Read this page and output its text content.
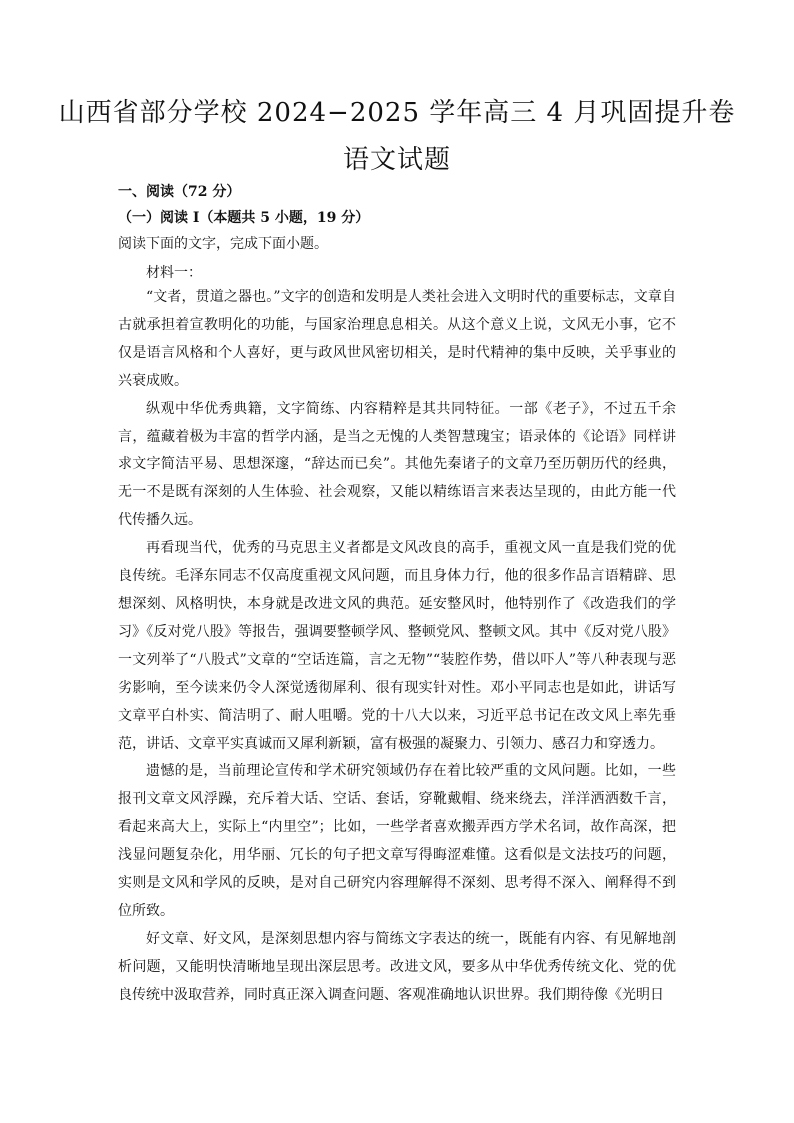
山西省部分学校 2024−2025 学年高三 4 月巩固提升卷
语文试题
一、阅读（72 分）
（一）阅读 I（本题共 5 小题，19 分）
阅读下面的文字，完成下面小题。
材料一：

“文者，贯道之器也。”文字的创造和发明是人类社会进入文明时代的重要标志，文章自古就承担着宣教明化的功能，与国家治理息息相关。从这个意义上说，文风无小事，它不仅是语言风格和个人喜好，更与政风世风密切相关，是时代精神的集中反映，关乎事业的兴衰成败。

纵观中华优秀典籍，文字简练、内容精粹是其共同特征。一部《老子》，不过五千余言，蕴藏着极为丰富的哲学内涵，是当之无愧的人类智慧瑰宝；语录体的《论语》同样讲求文字简洁平易、思想深邃，“辞达而已矣”。其他先秦诸子的文章乃至历朝历代的经典，无一不是既有深刻的人生体验、社会观察，又能以精练语言来表达呈现的，由此方能一代代传播久远。

再看现当代，优秀的马克思主义者都是文风改良的高手，重视文风一直是我们党的优良传统。毛泽东同志不仅高度重视文风问题，而且身体力行，他的很多作品言语精辟、思想深刻、风格明快，本身就是改进文风的典范。延安整风时，他特别作了《改造我们的学习》《反对党八股》等报告，强调要整顿学风、整顿党风、整顿文风。其中《反对党八股》一文列举了“八股式”文章的“空话连篇，言之无物”“装腔作势，借以吓人”等八种表现与恶劣影响，至今读来仍令人深觉透彻犀利、很有现实针对性。邓小平同志也是如此，讲话写文章平白朴实、简洁明了、耐人咀嚼。党的十八大以来，习近平总书记在改文风上率先垂范，讲话、文章平实真诚而又犀利新颖，富有极强的凝聚力、引领力、感召力和穿透力。

遗憾的是，当前理论宣传和学术研究领域仍存在着比较严重的文风问题。比如，一些报刊文章文风浮躁，充斥着大话、空话、套话，穿靴戴帽、绕来绕去，洋洋洒洒数千言，看起来高大上，实际上“内里空”；比如，一些学者喜欢搬弄西方学术名词，故作高深，把浅显问题复杂化，用华丽、冗长的句子把文章写得晦涩难懂。这看似是文法技巧的问题，实则是文风和学风的反映，是对自己研究内容理解得不深刻、思考得不深入、阐释得不到位所致。

好文章、好文风，是深刻思想内容与简练文字表达的统一，既能有内容、有见解地剖析问题，又能明快清晰地呈现出深层思考。改进文风，要多从中华优秀传统文化、党的优良传统中汲取营养，同时真正深入调查问题、客观准确地认识世界。我们期待像《光明日
